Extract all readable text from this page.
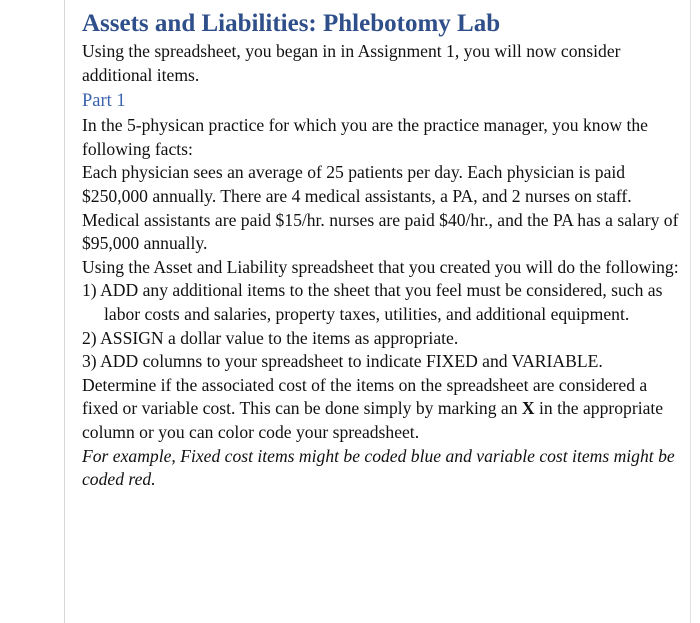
Assets and Liabilities: Phlebotomy Lab

Using the spreadsheet, you began in in Assignment 1, you will now consider additional items.

Part 1

In the 5-physican practice for which you are the practice manager, you know the following facts:

Each physician sees an average of 25 patients per day. Each physician is paid $250,000 annually. There are 4 medical assistants, a PA, and 2 nurses on staff. Medical assistants are paid $15/hr. nurses are paid $40/hr., and the PA has a salary of $95,000 annually.

Using the Asset and Liability spreadsheet that you created you will do the following:

1) ADD any additional items to the sheet that you feel must be considered, such as labor costs and salaries, property taxes, utilities, and additional equipment.
2) ASSIGN a dollar value to the items as appropriate.
3) ADD columns to your spreadsheet to indicate FIXED and VARIABLE.

Determine if the associated cost of the items on the spreadsheet are considered a fixed or variable cost. This can be done simply by marking an X in the appropriate column or you can color code your spreadsheet.

For example, Fixed cost items might be coded blue and variable cost items might be coded red.
